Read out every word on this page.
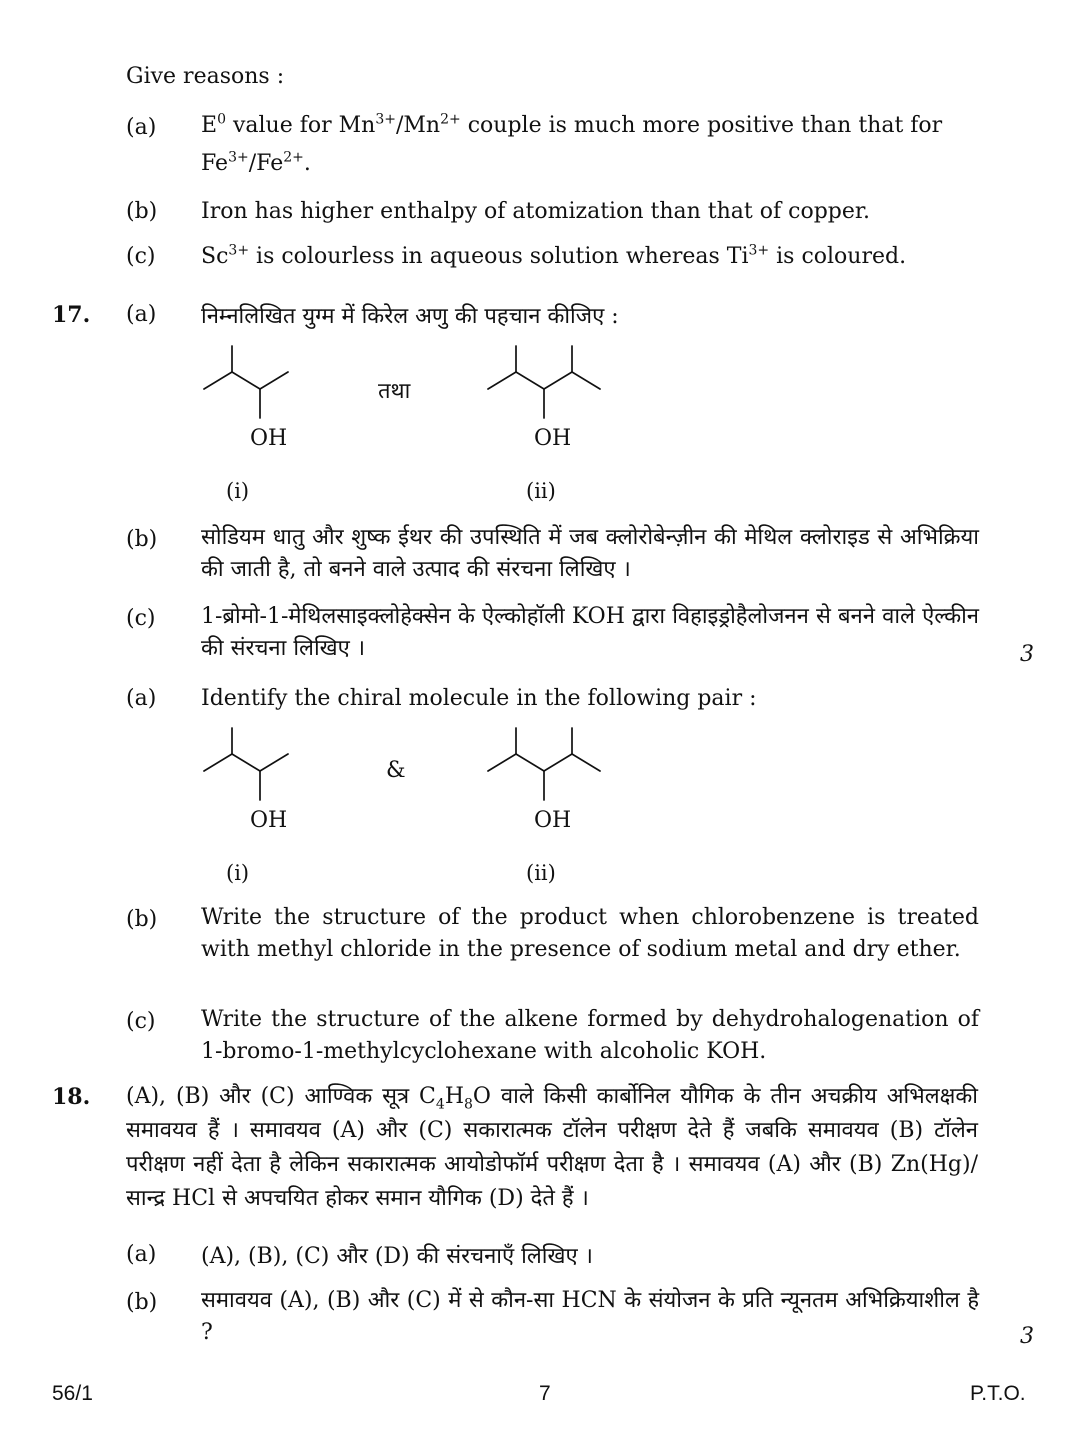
Give reasons :
(a) $E^0$ value for $Mn^{3+}/Mn^{2+}$ couple is much more positive than that for
$Fe^{3+}/Fe^{2+}$.
(b) Iron has higher enthalpy of atomization than that of copper.
(c) $Sc^{3+}$ is colourless in aqueous solution whereas $Ti^{3+}$ is coloured.
17. (a) निम्नलिखित युग्म में किरेल अणु की पहचान कीजिए :
तथा
OH	OH
(i)	(ii)
(b) सोडियम धातु और शुष्क ईथर की उपस्थिति में जब क्लोरोबेन्ज़ीन की मेथिल क्लोराइड से अभिक्रिया की जाती है, तो बनने वाले उत्पाद की संरचना लिखिए ।
(c) 1-ब्रोमो-1-मेथिलसाइक्लोहेक्सेन के ऐल्कोहॉली KOH द्वारा विहाइड्रोहैलोजनन से बनने वाले ऐल्कीन की संरचना लिखिए ।	3
(a) Identify the chiral molecule in the following pair :
&
OH	OH
(i)	(ii)
(b) Write the structure of the product when chlorobenzene is treated with methyl chloride in the presence of sodium metal and dry ether.
(c) Write the structure of the alkene formed by dehydrohalogenation of 1-bromo-1-methylcyclohexane with alcoholic KOH.
18. (A), (B) और (C) आण्विक सूत्र $C_4H_8O$ वाले किसी कार्बोनिल यौगिक के तीन अचक्रीय अभिलक्षकी समावयव हैं । समावयव (A) और (C) सकारात्मक टॉलेन परीक्षण देते हैं जबकि समावयव (B) टॉलेन परीक्षण नहीं देता है लेकिन सकारात्मक आयोडोफॉर्म परीक्षण देता है । समावयव (A) और (B) Zn(Hg)/सान्द्र HCl से अपचयित होकर समान यौगिक (D) देते हैं ।
(a) (A), (B), (C) और (D) की संरचनाएँ लिखिए ।
(b) समावयव (A), (B) और (C) में से कौन-सा HCN के संयोजन के प्रति न्यूनतम अभिक्रियाशील है ?	3
56/1	7	P.T.O.
